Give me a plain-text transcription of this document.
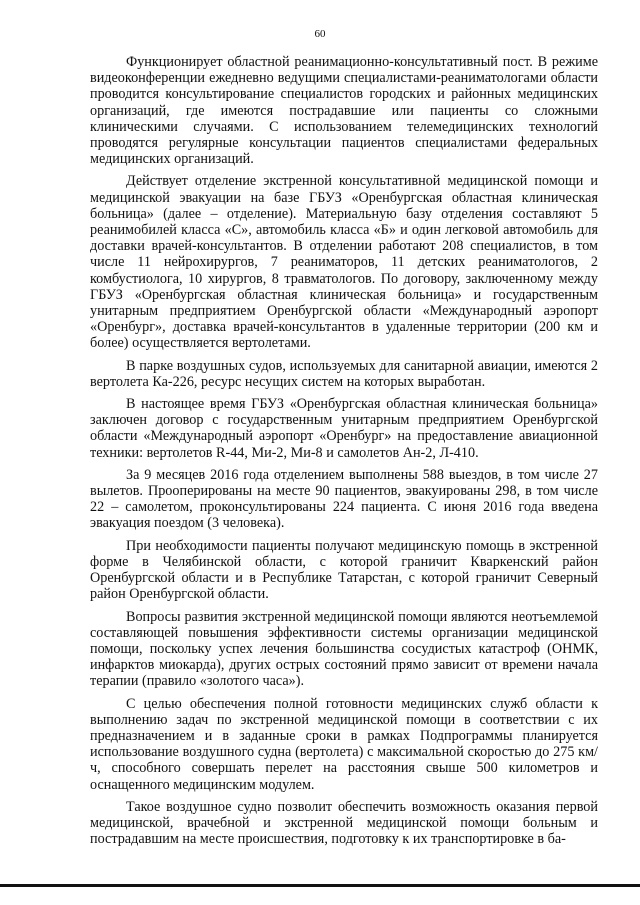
60

Функционирует областной реанимационно-консультативный пост. В режиме видеоконференции ежедневно ведущими специалистами-реаниматологами области проводится консультирование специалистов городских и районных медицинских организаций, где имеются пострадавшие или пациенты со сложными клиническими случаями. С использованием телемедицинских технологий проводятся регулярные консультации пациентов специалистами федеральных медицинских организаций.

Действует отделение экстренной консультативной медицинской помощи и медицинской эвакуации на базе ГБУЗ «Оренбургская областная клиническая больница» (далее – отделение). Материальную базу отделения составляют 5 реанимобилей класса «С», автомобиль класса «Б» и один легковой автомобиль для доставки врачей-консультантов. В отделении работают 208 специалистов, в том числе 11 нейрохирургов, 7 реаниматоров, 11 детских реаниматологов, 2 комбустиолога, 10 хирургов, 8 травматологов. По договору, заключенному между ГБУЗ «Оренбургская областная клиническая больница» и государственным унитарным предприятием Оренбургской области «Международный аэропорт «Оренбург», доставка врачей-консультантов в удаленные территории (200 км и более) осуществляется вертолетами.

В парке воздушных судов, используемых для санитарной авиации, имеются 2 вертолета Ка-226, ресурс несущих систем на которых выработан.

В настоящее время ГБУЗ «Оренбургская областная клиническая больница» заключен договор с государственным унитарным предприятием Оренбургской области «Международный аэропорт «Оренбург» на предоставление авиационной техники: вертолетов R-44, Ми-2, Ми-8 и самолетов Ан-2, Л-410.

За 9 месяцев 2016 года отделением выполнены 588 выездов, в том числе 27 вылетов. Прооперированы на месте 90 пациентов, эвакуированы 298, в том числе 22 – самолетом, проконсультированы 224 пациента. С июня 2016 года введена эвакуация поездом (3 человека).

При необходимости пациенты получают медицинскую помощь в экстренной форме в Челябинской области, с которой граничит Кваркенский район Оренбургской области и в Республике Татарстан, с которой граничит Северный район Оренбургской области.

Вопросы развития экстренной медицинской помощи являются неотъемлемой составляющей повышения эффективности системы организации медицинской помощи, поскольку успех лечения большинства сосудистых катастроф (ОНМК, инфарктов миокарда), других острых состояний прямо зависит от времени начала терапии (правило «золотого часа»).

С целью обеспечения полной готовности медицинских служб области к выполнению задач по экстренной медицинской помощи в соответствии с их предназначением и в заданные сроки в рамках Подпрограммы планируется использование воздушного судна (вертолета) с максимальной скоростью до 275 км/ч, способного совершать перелет на расстояния свыше 500 километров и оснащенного медицинским модулем.

Такое воздушное судно позволит обеспечить возможность оказания первой медицинской, врачебной и экстренной медицинской помощи больным и пострадавшим на месте происшествия, подготовку к их транспортировке в ба-
